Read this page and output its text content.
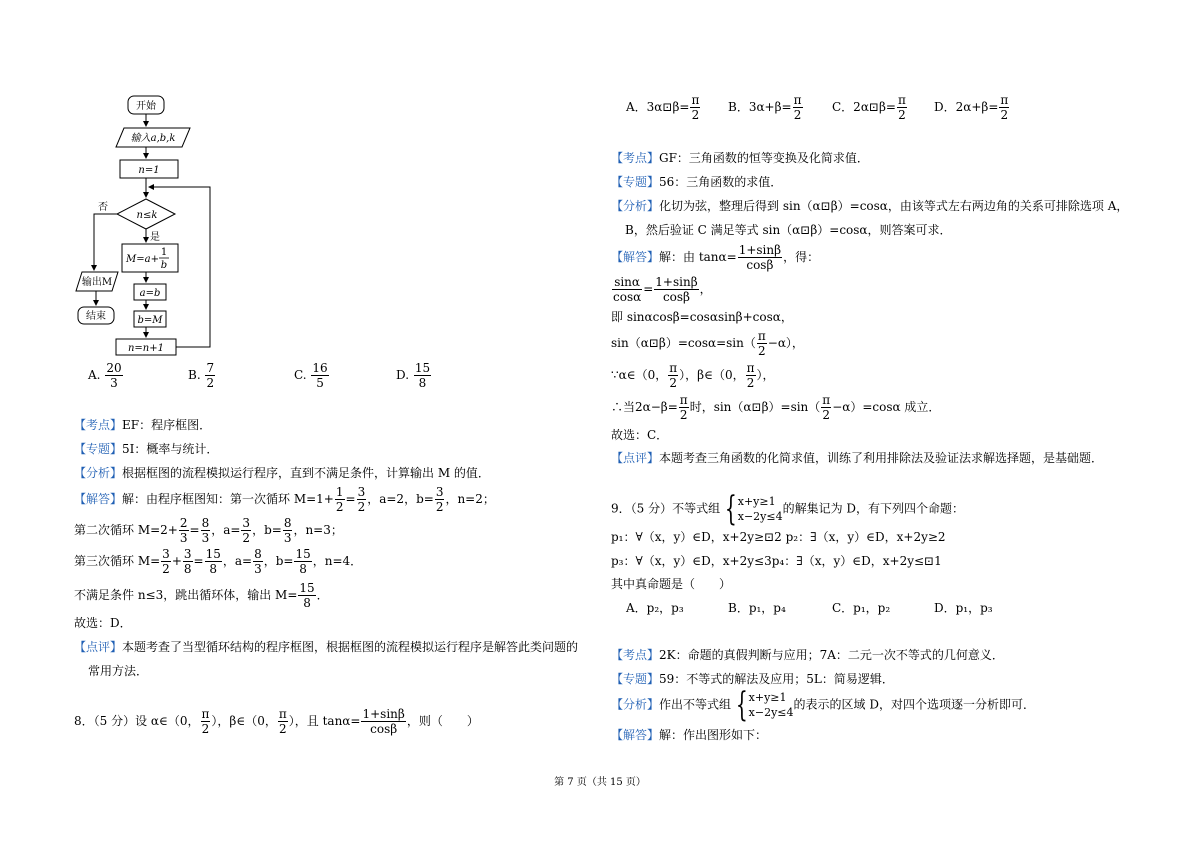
开始
输入a,b,k
n=1
n≤k
否
是
M=a+
1
b
a=b
b=M
n=n+1
输出M
结束
A. $\frac{20}{3}$	B. $\frac{7}{2}$	C. $\frac{16}{5}$	D. $\frac{15}{8}$
【考点】EF：程序框图．
【专题】5I：概率与统计．
【分析】根据框图的流程模拟运行程序，直到不满足条件，计算输出 M 的值．
【解答】解：由程序框图知：第一次循环 $M=1+ \frac{1}{2} = \frac{3}{2}$ ，a=2，$b= \frac{3}{2}$ ，n=2；
第二次循环 $M=2+ \frac{2}{3} = \frac{8}{3}$ ，$a= \frac{3}{2}$ ，$b= \frac{8}{3}$ ，n=3；
第三次循环 $M= \frac{3}{2} + \frac{3}{8} = \frac{15}{8}$ ，$a= \frac{8}{3}$ ，$b= \frac{15}{8}$ ，n=4．
不满足条件 n≤3，跳出循环体，输出 $M= \frac{15}{8}$ ．
故选：D．
【点评】本题考查了当型循环结构的程序框图，根据框图的流程模拟运行程序是解答此类问题的
常用方法．
8．（5 分）设 α∈（0， $\frac{\pi}{2}$ ），β∈（0， $\frac{\pi}{2}$ ），且 $\tan\alpha= \frac{1+\sin\beta}{\cos\beta}$ ，则（　　）
A．3α⊡β= $\frac{\pi}{2}$ B．$3\alpha+\beta= \frac{\pi}{2}$ C．2α⊡β= $\frac{\pi}{2}$ D．$2\alpha+\beta= \frac{\pi}{2}$
【考点】GF：三角函数的恒等变换及化简求值．
【专题】56：三角函数的求值．
【分析】化切为弦，整理后得到 sin（α⊡β）=cosα，由该等式左右两边角的关系可排除选项 A，
B，然后验证 C 满足等式 sin（α⊡β）=cosα，则答案可求．
【解答】解：由 $\tan\alpha= \frac{1+\sin\beta}{\cos\beta}$ ，得：
$\frac{\sin\alpha}{\cos\alpha} = \frac{1+\sin\beta}{\cos\beta}$ ，
即 sinαcosβ=cosαsinβ+cosα，
sin（α⊡β）=cosα=sin（ $\frac{\pi}{2} -\alpha$），
∵α∈（0， $\frac{\pi}{2}$ ），β∈（0， $\frac{\pi}{2}$ ），
∴当$2\alpha-\beta= \frac{\pi}{2}$ 时，sin（α⊡β）=sin（ $\frac{\pi}{2} -\alpha)=\cos\alpha$ 成立．
故选：C．
【点评】本题考查三角函数的化简求值，训练了利用排除法及验证法求解选择题，是基础题．
9．（5 分）不等式组 { x+y≥1
x−2y≤4
的解集记为 D，有下列四个命题：
p₁：∀（x，y）∈D，x+2y≥⊡2 p₂：∃（x，y）∈D，x+2y≥2
p₃：∀（x，y）∈D，x+2y≤3p₄：∃（x，y）∈D，x+2y≤⊡1
其中真命题是（　　）
A．p₂，p₃	B．p₁，p₄	C．p₁，p₂	D．p₁，p₃
【考点】2K：命题的真假判断与应用；7A：二元一次不等式的几何意义．
【专题】59：不等式的解法及应用；5L：简易逻辑．
【分析】作出不等式组 { x+y≥1
x−2y≤4
的表示的区域 D，对四个选项逐一分析即可．
【解答】解：作出图形如下：
第 7 页（共 15 页）
